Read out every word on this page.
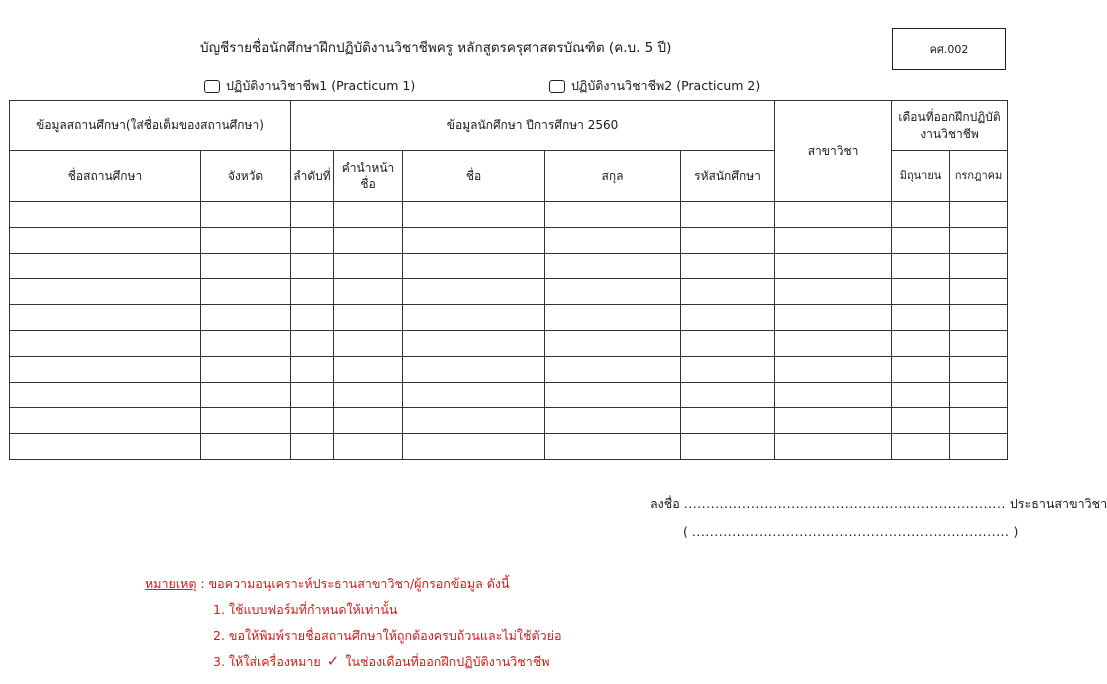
คศ.002
บัญชีรายชื่อนักศึกษาฝึกปฏิบัติงานวิชาชีพครู หลักสูตรครุศาสตรบัณฑิต (ค.บ. 5 ปี)
ปฏิบัติงานวิชาชีพ1 (Practicum 1)	ปฏิบัติงานวิชาชีพ2 (Practicum 2)
ข้อมูลสถานศึกษา(ใส่ชื่อเต็มของสถานศึกษา)		ข้อมูลนักศึกษา ปีการศึกษา 2560					สาขาวิชา	เดือนที่ออกฝึกปฏิบัติงานวิชาชีพ	
ชื่อสถานศึกษา	จังหวัด	ลำดับที่	คำนำหน้าชื่อ	ชื่อ	สกุล	รหัสนักศึกษา		มิถุนายน	กรกฎาคม

ลงชื่อ ........................................................................ ประธานสาขาวิชา
( ....................................................................... )
หมายเหตุ : ขอความอนุเคราะห์ประธานสาขาวิชา/ผู้กรอกข้อมูล ดังนี้
1. ใช้แบบฟอร์มที่กำหนดให้เท่านั้น
2. ขอให้พิมพ์รายชื่อสถานศึกษาให้ถูกต้องครบถ้วนและไม่ใช้ตัวย่อ
3. ให้ใส่เครื่องหมาย ✓ ในช่องเดือนที่ออกฝึกปฏิบัติงานวิชาชีพ
